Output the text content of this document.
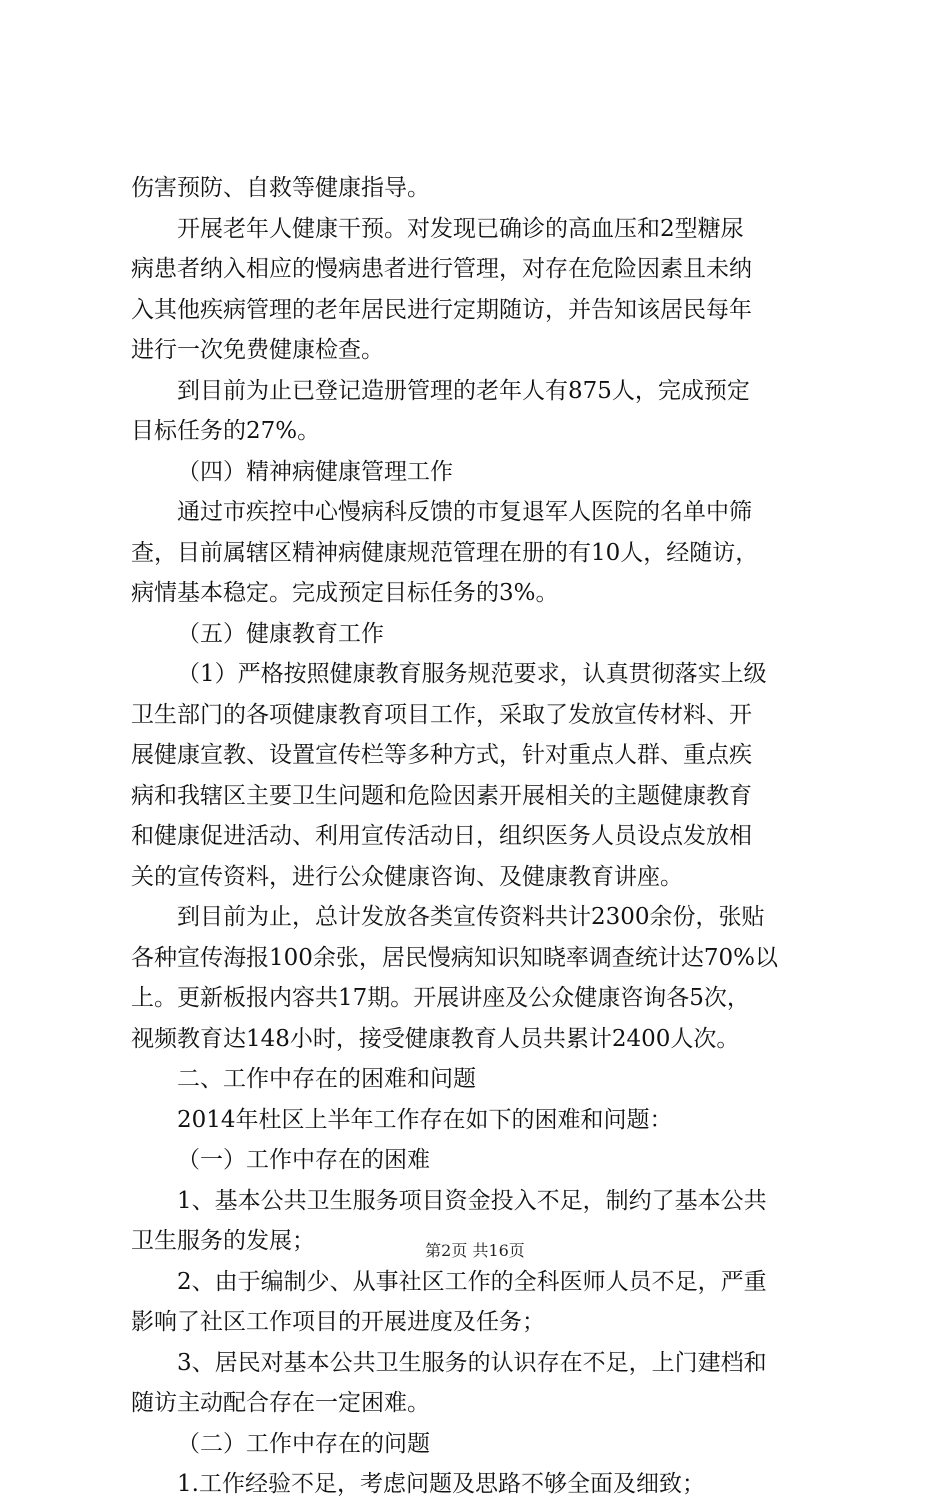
伤害预防、自救等健康指导。

开展老年人健康干预。对发现已确诊的高血压和2型糖尿
病患者纳入相应的慢病患者进行管理，对存在危险因素且未纳
入其他疾病管理的老年居民进行定期随访，并告知该居民每年
进行一次免费健康检查。

到目前为止已登记造册管理的老年人有875人，完成预定
目标任务的27%。

（四）精神病健康管理工作

通过市疾控中心慢病科反馈的市复退军人医院的名单中筛
查，目前属辖区精神病健康规范管理在册的有10人，经随访，
病情基本稳定。完成预定目标任务的3%。

（五）健康教育工作

（1）严格按照健康教育服务规范要求，认真贯彻落实上级
卫生部门的各项健康教育项目工作，采取了发放宣传材料、开
展健康宣教、设置宣传栏等多种方式，针对重点人群、重点疾
病和我辖区主要卫生问题和危险因素开展相关的主题健康教育
和健康促进活动、利用宣传活动日，组织医务人员设点发放相
关的宣传资料，进行公众健康咨询、及健康教育讲座。

到目前为止，总计发放各类宣传资料共计2300余份，张贴
各种宣传海报100余张，居民慢病知识知晓率调查统计达70%以
上。更新板报内容共17期。开展讲座及公众健康咨询各5次，
视频教育达148小时，接受健康教育人员共累计2400人次。

二、工作中存在的困难和问题

2014年杜区上半年工作存在如下的困难和问题：

（一）工作中存在的困难

1、基本公共卫生服务项目资金投入不足，制约了基本公共
卫生服务的发展；

2、由于编制少、从事社区工作的全科医师人员不足，严重
影响了社区工作项目的开展进度及任务；

3、居民对基本公共卫生服务的认识存在不足，上门建档和
随访主动配合存在一定困难。

（二）工作中存在的问题

1.工作经验不足，考虑问题及思路不够全面及细致；

第2页 共16页
